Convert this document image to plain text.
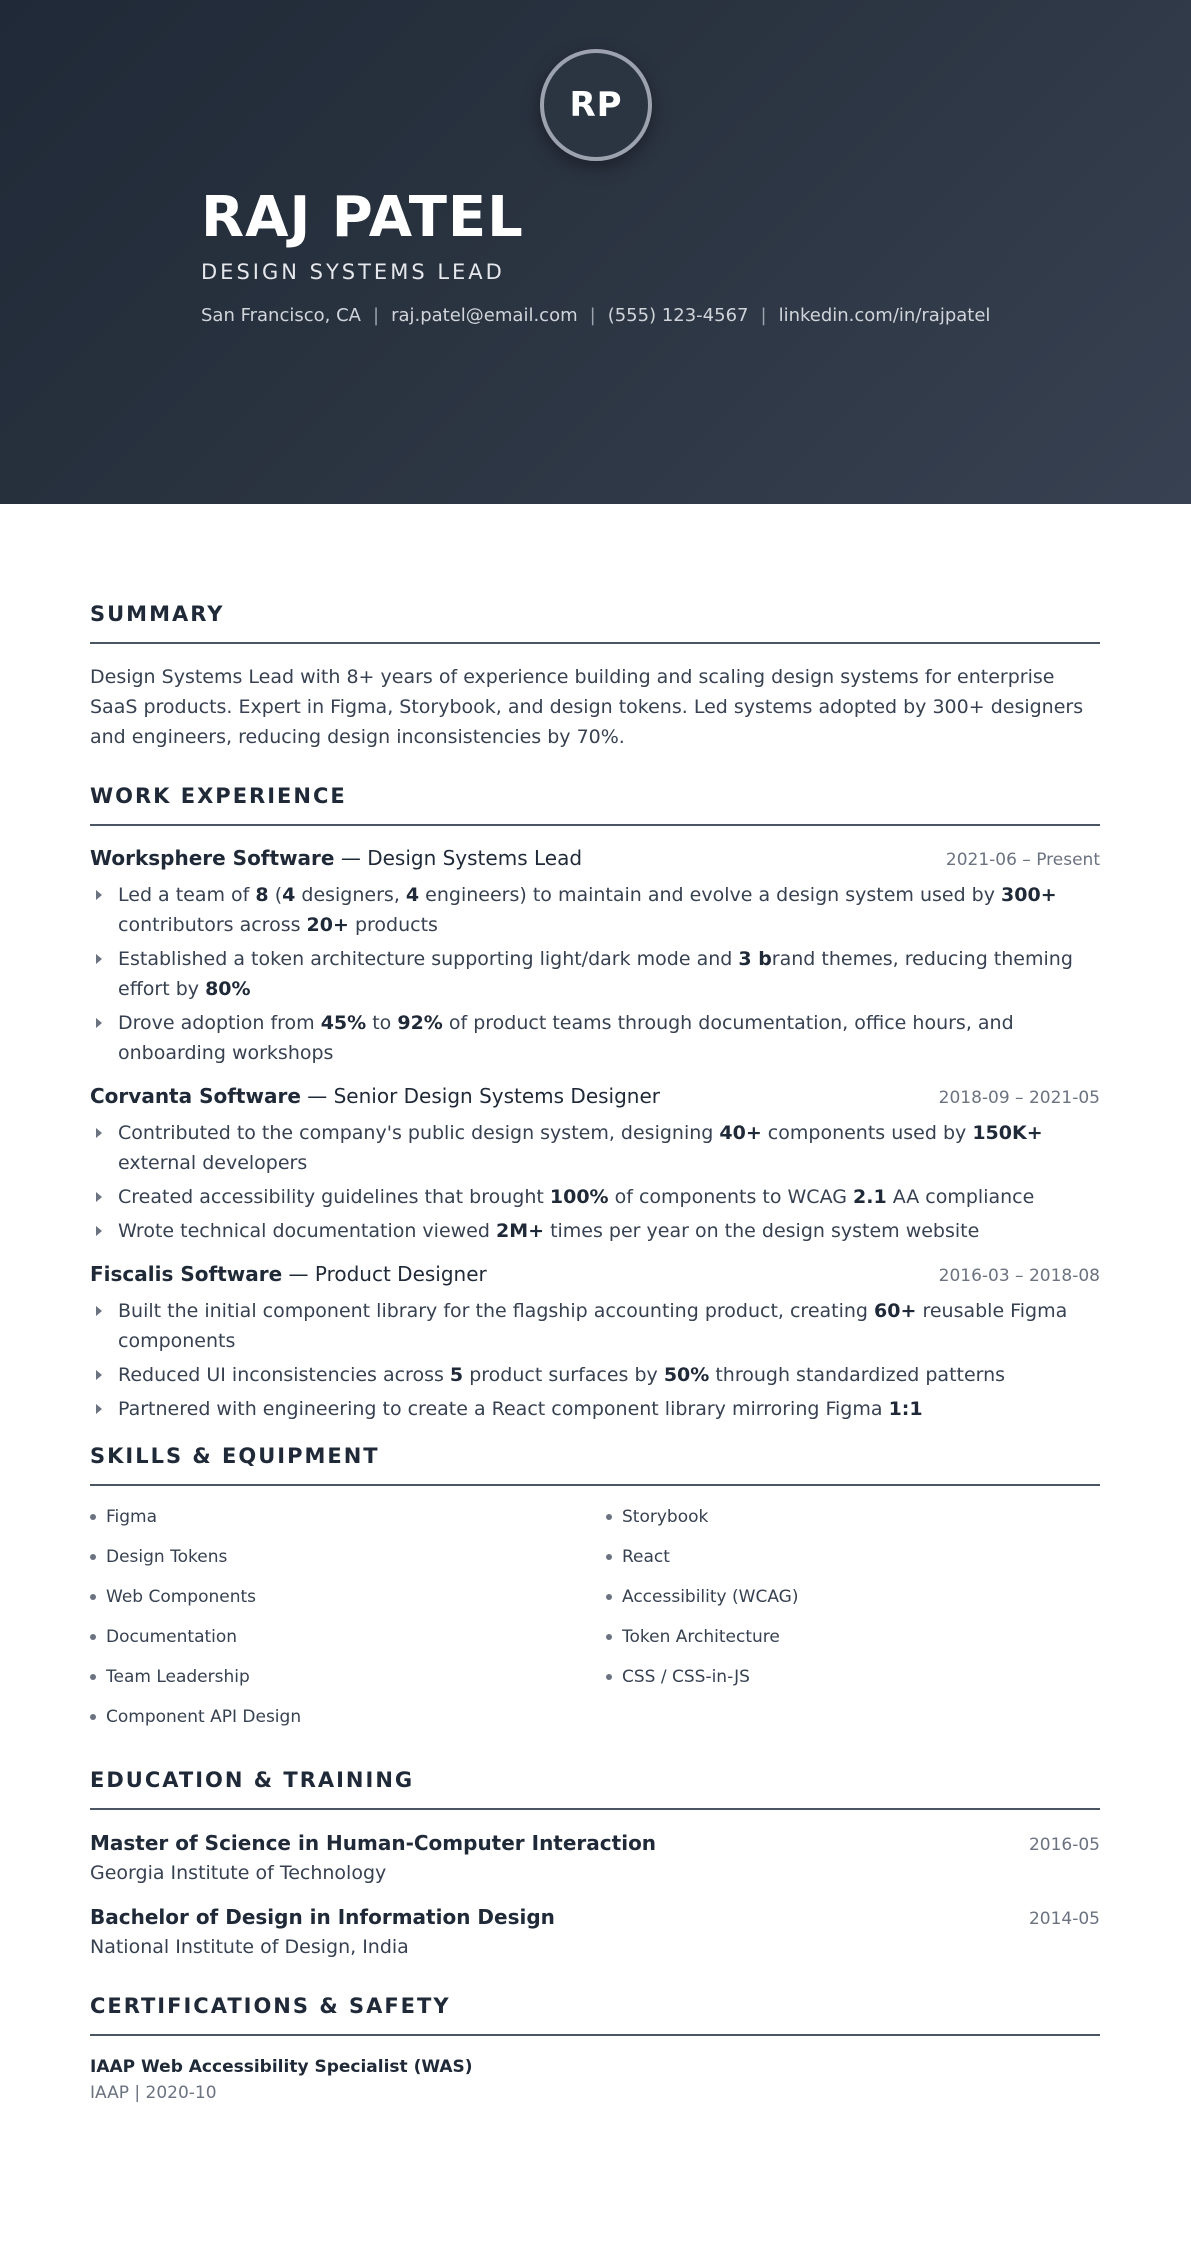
RP
RAJ PATEL
DESIGN SYSTEMS LEAD
San Francisco, CA | raj.patel@email.com | (555) 123-4567 | linkedin.com/in/rajpatel
SUMMARY

Design Systems Lead with 8+ years of experience building and scaling design systems for enterprise SaaS products. Expert in Figma, Storybook, and design tokens. Led systems adopted by 300+ designers and engineers, reducing design inconsistencies by 70%.

WORK EXPERIENCE
Worksphere Software — Design Systems Lead	2021-06 – Present
Led a team of 8 (4 designers, 4 engineers) to maintain and evolve a design system used by 300+ contributors across 20+ products
Established a token architecture supporting light/dark mode and 3 brand themes, reducing theming effort by 80%
Drove adoption from 45% to 92% of product teams through documentation, office hours, and onboarding workshops
Corvanta Software — Senior Design Systems Designer	2018-09 – 2021-05
Contributed to the company's public design system, designing 40+ components used by 150K+ external developers
Created accessibility guidelines that brought 100% of components to WCAG 2.1 AA compliance
Wrote technical documentation viewed 2M+ times per year on the design system website
Fiscalis Software — Product Designer	2016-03 – 2018-08
Built the initial component library for the flagship accounting product, creating 60+ reusable Figma components
Reduced UI inconsistencies across 5 product surfaces by 50% through standardized patterns
Partnered with engineering to create a React component library mirroring Figma 1:1
SKILLS & EQUIPMENT
Figma	Storybook
Design Tokens	React
Web Components	Accessibility (WCAG)
Documentation	Token Architecture
Team Leadership	CSS / CSS-in-JS
Component API Design
EDUCATION & TRAINING
Master of Science in Human-Computer Interaction	2016-05
Georgia Institute of Technology
Bachelor of Design in Information Design	2014-05
National Institute of Design, India
CERTIFICATIONS & SAFETY
IAAP Web Accessibility Specialist (WAS)
IAAP | 2020-10
